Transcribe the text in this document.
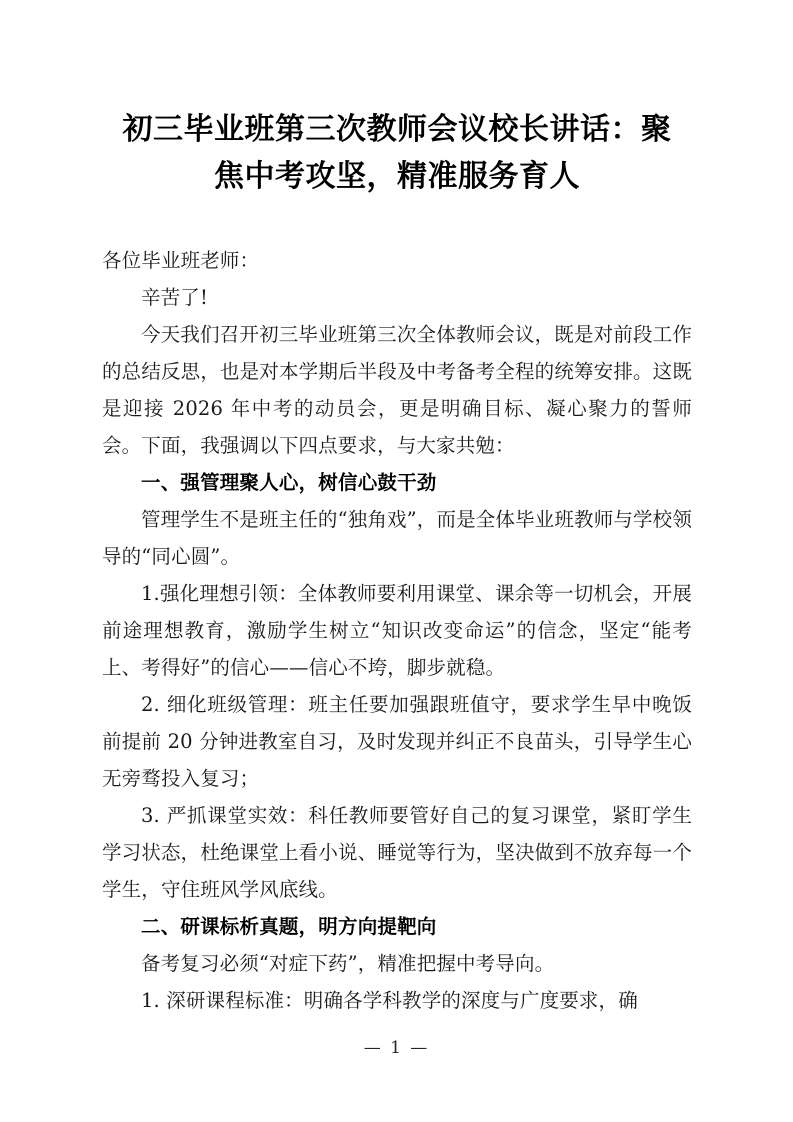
初三毕业班第三次教师会议校长讲话：聚
焦中考攻坚，精准服务育人

各位毕业班老师：

辛苦了!

今天我们召开初三毕业班第三次全体教师会议，既是对前段工作的总结反思，也是对本学期后半段及中考备考全程的统筹安排。这既是迎接 2026 年中考的动员会，更是明确目标、凝心聚力的誓师会。下面，我强调以下四点要求，与大家共勉：

一、强管理聚人心，树信心鼓干劲

管理学生不是班主任的“独角戏”，而是全体毕业班教师与学校领导的“同心圆”。

1.强化理想引领：全体教师要利用课堂、课余等一切机会，开展前途理想教育，激励学生树立“知识改变命运”的信念，坚定“能考上、考得好”的信心——信心不垮，脚步就稳。

2. 细化班级管理：班主任要加强跟班值守，要求学生早中晚饭前提前 20 分钟进教室自习，及时发现并纠正不良苗头，引导学生心无旁骛投入复习；

3. 严抓课堂实效：科任教师要管好自己的复习课堂，紧盯学生学习状态，杜绝课堂上看小说、睡觉等行为，坚决做到不放弃每一个学生，守住班风学风底线。

二、研课标析真题，明方向提靶向

备考复习必须“对症下药”，精准把握中考导向。

1. 深研课程标准：明确各学科教学的深度与广度要求，确

— 1 —
